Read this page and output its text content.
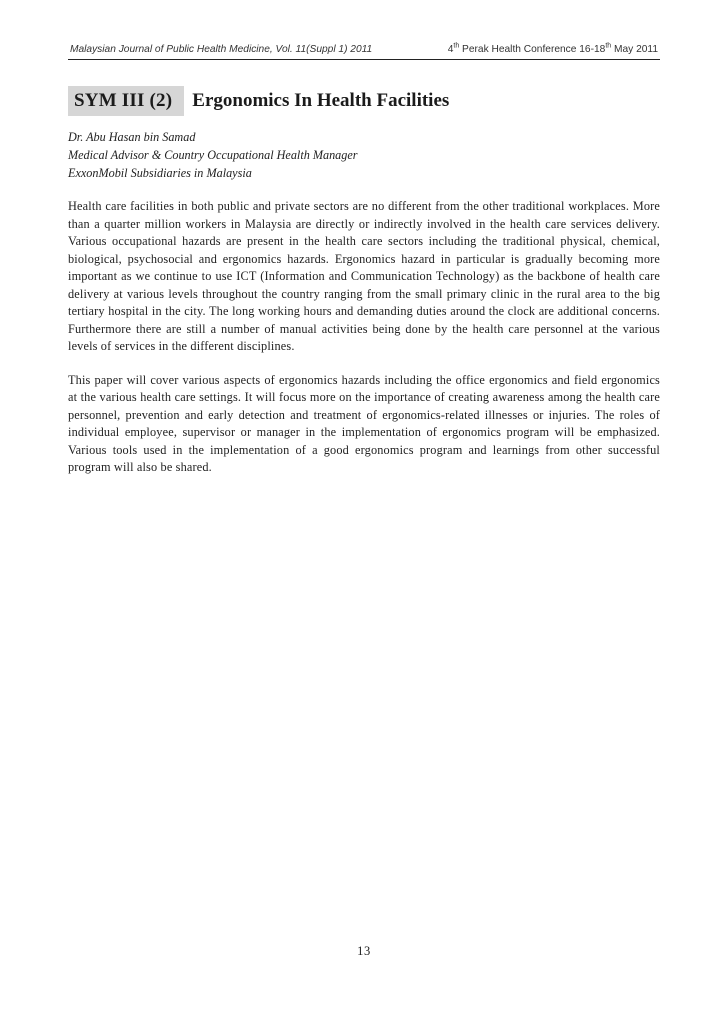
Malaysian Journal of Public Health Medicine, Vol. 11(Suppl 1) 2011	4th Perak Health Conference 16-18th May 2011
SYM III (2)	Ergonomics In Health Facilities
Dr. Abu Hasan bin Samad
Medical Advisor & Country Occupational Health Manager
ExxonMobil Subsidiaries in Malaysia

Health care facilities in both public and private sectors are no different from the other traditional workplaces. More than a quarter million workers in Malaysia are directly or indirectly involved in the health care services delivery. Various occupational hazards are present in the health care sectors including the traditional physical, chemical, biological, psychosocial and ergonomics hazards. Ergonomics hazard in particular is gradually becoming more important as we continue to use ICT (Information and Communication Technology) as the backbone of health care delivery at various levels throughout the country ranging from the small primary clinic in the rural area to the big tertiary hospital in the city. The long working hours and demanding duties around the clock are additional concerns. Furthermore there are still a number of manual activities being done by the health care personnel at the various levels of services in the different disciplines.

This paper will cover various aspects of ergonomics hazards including the office ergonomics and field ergonomics at the various health care settings. It will focus more on the importance of creating awareness among the health care personnel, prevention and early detection and treatment of ergonomics-related illnesses or injuries. The roles of individual employee, supervisor or manager in the implementation of ergonomics program will be emphasized. Various tools used in the implementation of a good ergonomics program and learnings from other successful program will also be shared.

13
